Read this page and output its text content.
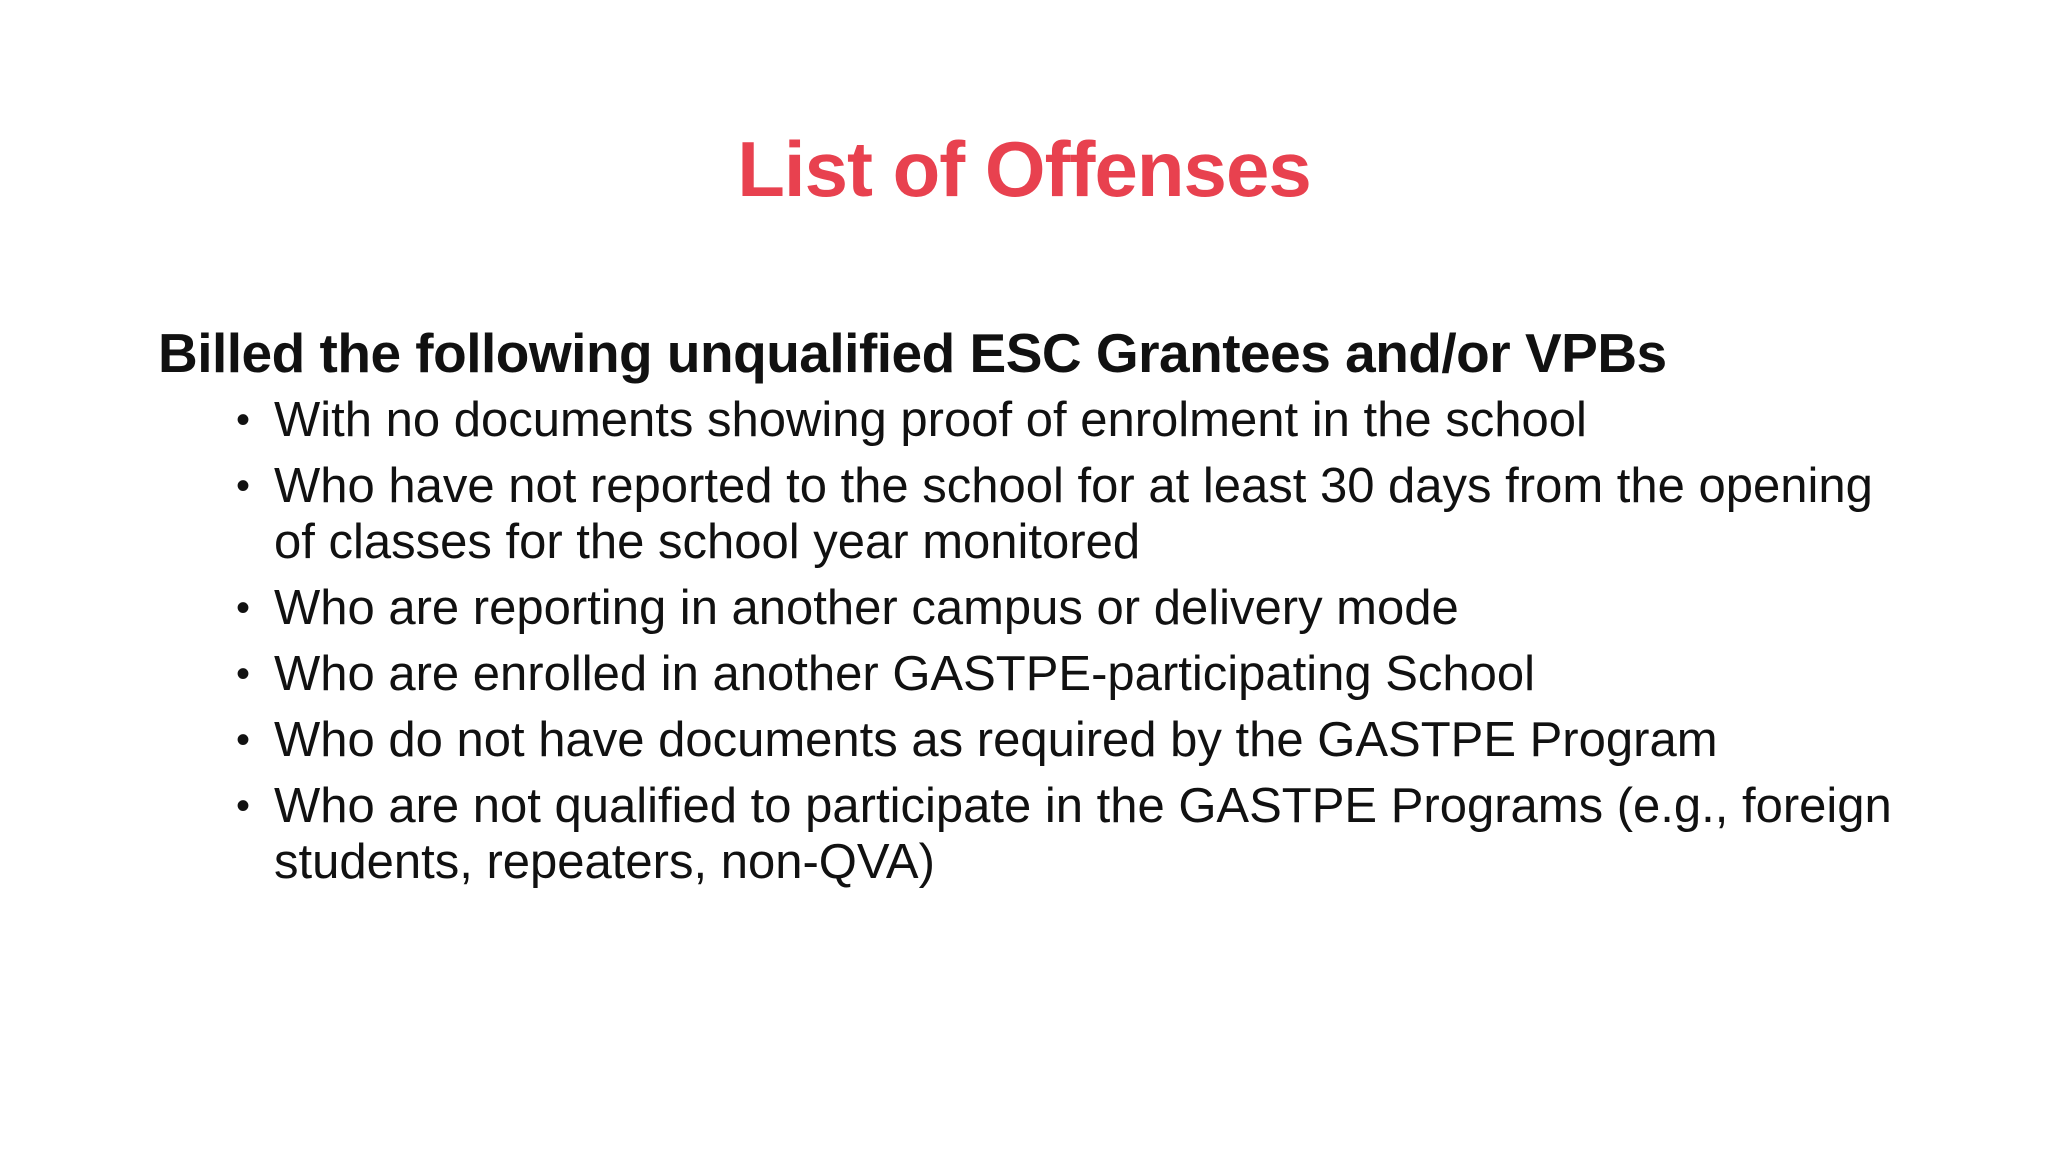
List of Offenses

Billed the following unqualified ESC Grantees and/or VPBs

• With no documents showing proof of enrolment in the school
• Who have not reported to the school for at least 30 days from the opening of classes for the school year monitored
• Who are reporting in another campus or delivery mode
• Who are enrolled in another GASTPE-participating School
• Who do not have documents as required by the GASTPE Program
• Who are not qualified to participate in the GASTPE Programs (e.g., foreign students, repeaters, non-QVA)
